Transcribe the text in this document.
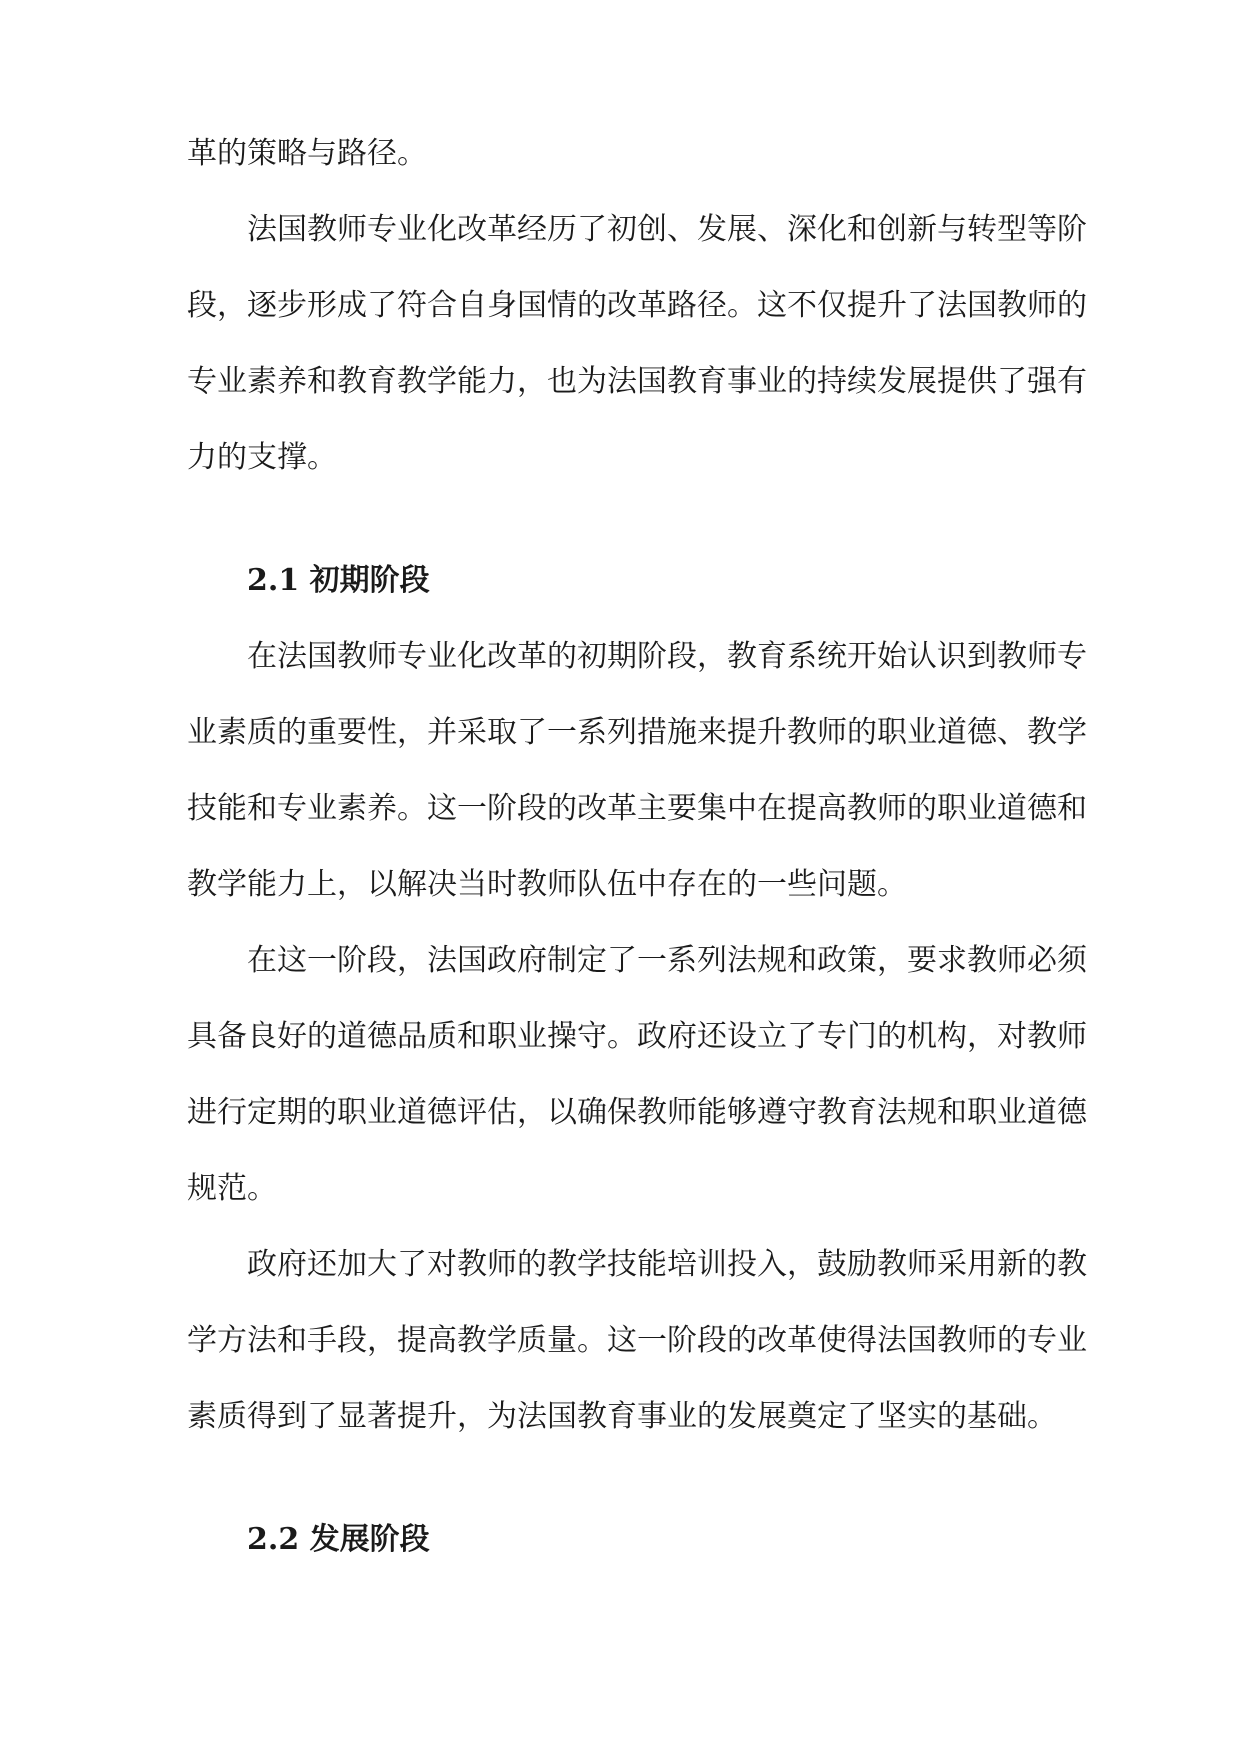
革的策略与路径。
法国教师专业化改革经历了初创、发展、深化和创新与转型等阶
段，逐步形成了符合自身国情的改革路径。这不仅提升了法国教师的
专业素养和教育教学能力，也为法国教育事业的持续发展提供了强有
力的支撑。
2.1 初期阶段
在法国教师专业化改革的初期阶段，教育系统开始认识到教师专
业素质的重要性，并采取了一系列措施来提升教师的职业道德、教学
技能和专业素养。这一阶段的改革主要集中在提高教师的职业道德和
教学能力上，以解决当时教师队伍中存在的一些问题。
在这一阶段，法国政府制定了一系列法规和政策，要求教师必须
具备良好的道德品质和职业操守。政府还设立了专门的机构，对教师
进行定期的职业道德评估，以确保教师能够遵守教育法规和职业道德
规范。
政府还加大了对教师的教学技能培训投入，鼓励教师采用新的教
学方法和手段，提高教学质量。这一阶段的改革使得法国教师的专业
素质得到了显著提升，为法国教育事业的发展奠定了坚实的基础。
2.2 发展阶段
